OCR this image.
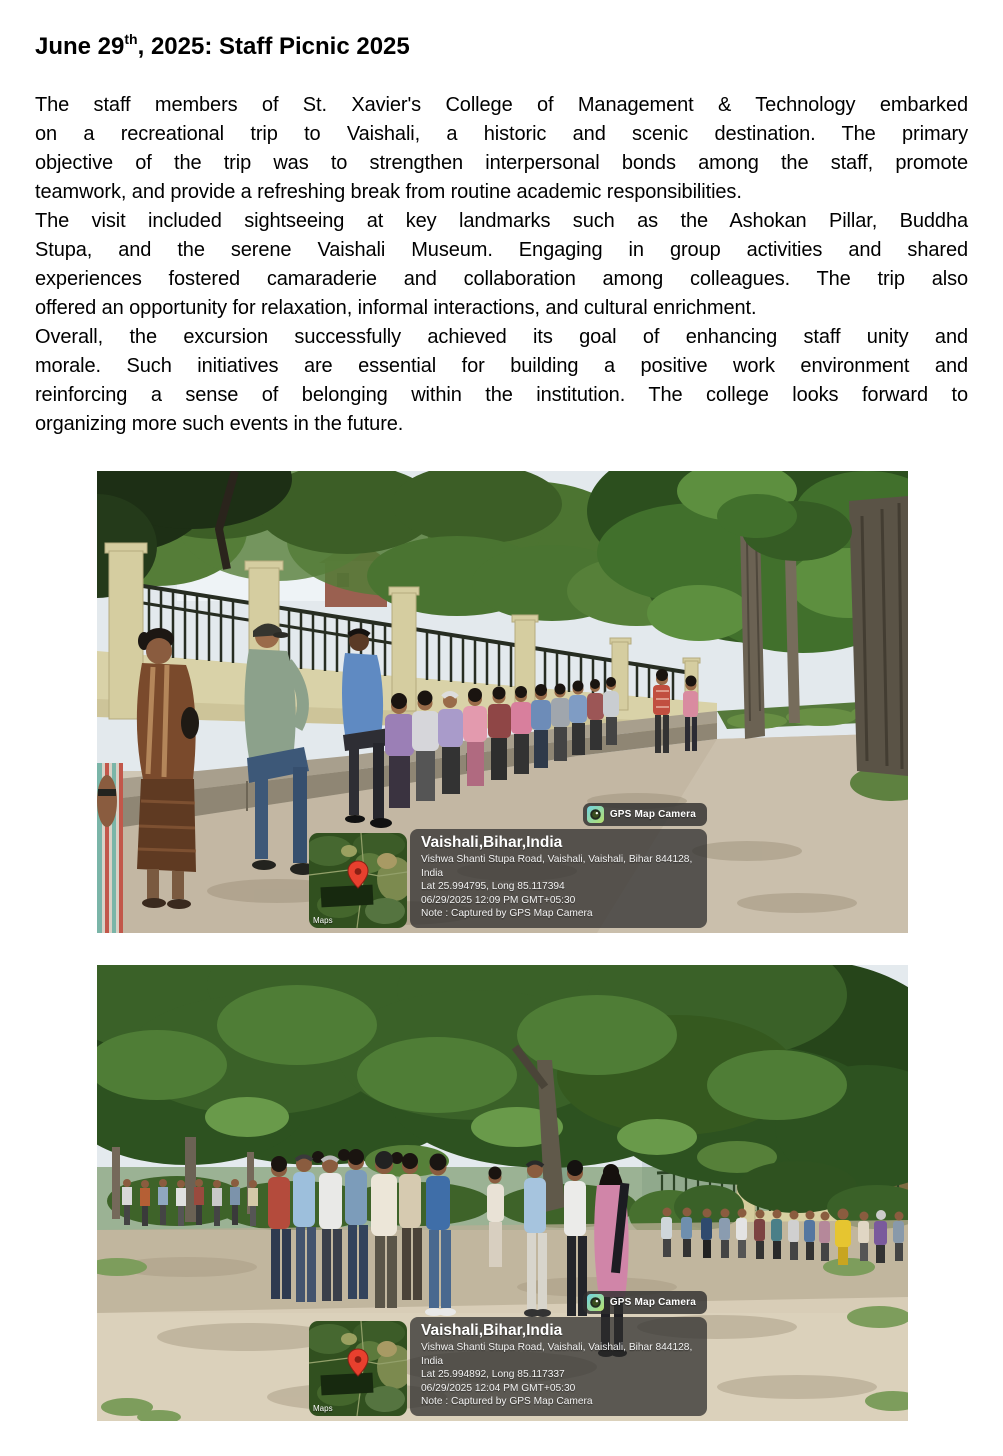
June 29th, 2025: Staff Picnic 2025
The staff members of St. Xavier's College of Management & Technology embarked
on a recreational trip to Vaishali, a historic and scenic destination. The primary
objective of the trip was to strengthen interpersonal bonds among the staff, promote
teamwork, and provide a refreshing break from routine academic responsibilities.
The visit included sightseeing at key landmarks such as the Ashokan Pillar, Buddha
Stupa, and the serene Vaishali Museum. Engaging in group activities and shared
experiences fostered camaraderie and collaboration among colleagues. The trip also
offered an opportunity for relaxation, informal interactions, and cultural enrichment.
Overall, the excursion successfully achieved its goal of enhancing staff unity and
morale. Such initiatives are essential for building a positive work environment and
reinforcing a sense of belonging within the institution. The college looks forward to
organizing more such events in the future.
GPS Map Camera
Maps
Vaishali,Bihar,India
Vishwa Shanti Stupa Road, Vaishali, Vaishali, Bihar 844128,
India
Lat 25.994795, Long 85.117394
06/29/2025 12:09 PM GMT+05:30
Note : Captured by GPS Map Camera
GPS Map Camera
Maps
Vaishali,Bihar,India
Vishwa Shanti Stupa Road, Vaishali, Vaishali, Bihar 844128,
India
Lat 25.994892, Long 85.117337
06/29/2025 12:04 PM GMT+05:30
Note : Captured by GPS Map Camera
